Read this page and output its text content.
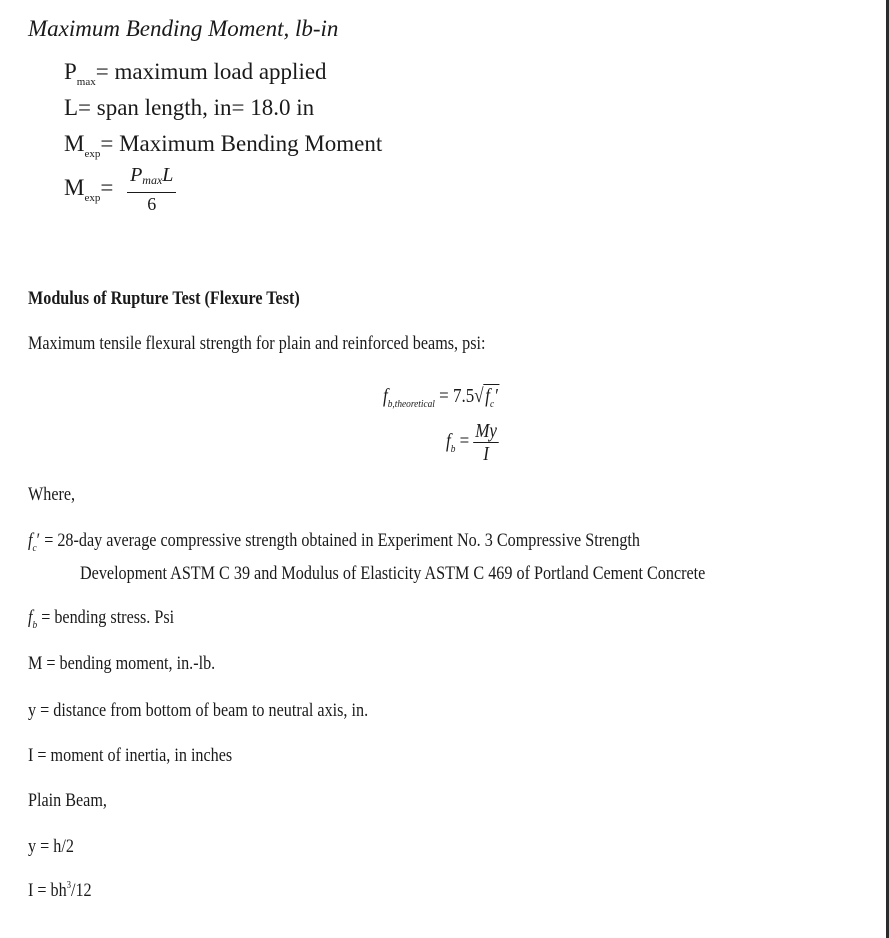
Maximum Bending Moment, lb-in
$P_{max}=$ maximum load applied
L= span length, in= 18.0 in
$M_{exp}=$ Maximum Bending Moment
$M_{exp}= \frac{PmaxL}{6}$
Modulus of Rupture Test (Flexure Test)
Maximum tensile flexural strength for plain and reinforced beams, psi:
$f_{b,theoretical} = 7.5√f_c'$
$f_b = \frac{My}{I}$
Where,
$f_c' = 28-day$ average compressive strength obtained in Experiment No. 3 Compressive Strength
Development ASTM C 39 and Modulus of Elasticity ASTM C 469 of Portland Cement Concrete
$f_b$ = bending stress. Psi
M = bending moment, in.-lb.
y = distance from bottom of beam to neutral axis, in.
I = moment of inertia, in inches
Plain Beam,
y = h/2
$I = bh^3/12$
